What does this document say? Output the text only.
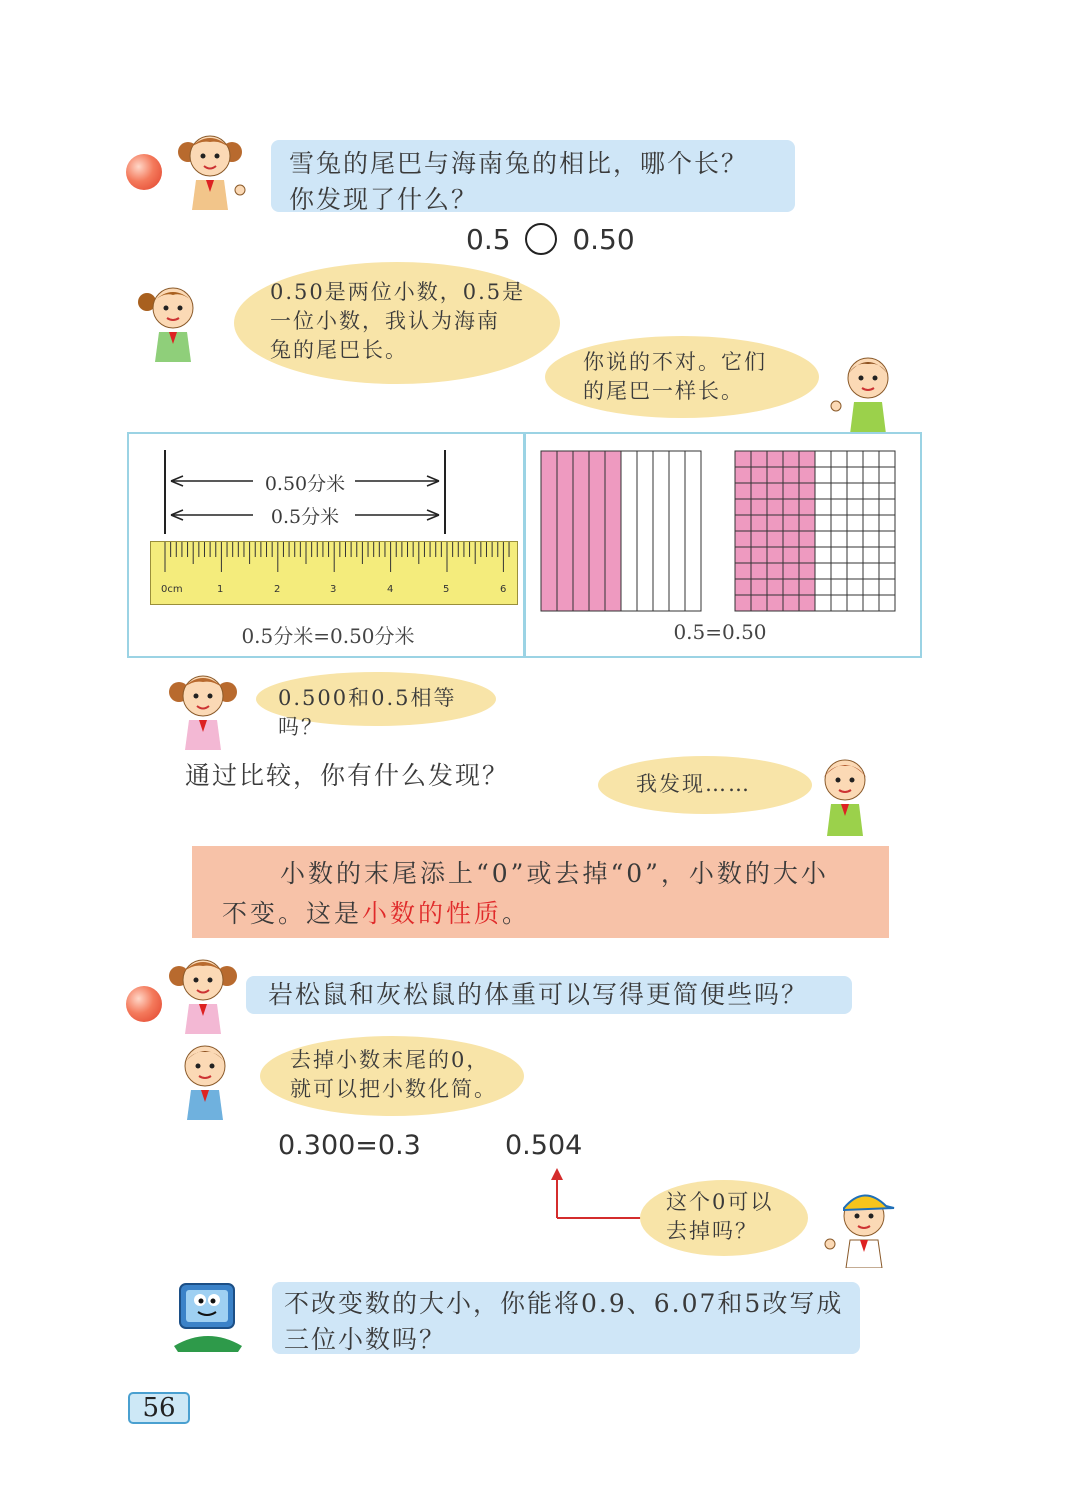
雪兔的尾巴与海南兔的相比，哪个长？
你发现了什么？
0.5 0.50
0.50是两位小数，0.5是
一位小数，我认为海南
兔的尾巴长。	你说的不对。它们
的尾巴一样长。
0.50分米
0.5分米
0cm	1	2	3	4	5	6
0.5分米=0.50分米	0.5=0.50
0.500和0.5相等吗？
通过比较，你有什么发现？	我发现……
小数的末尾添上“0”或去掉“0”，小数的大小
不变。这是小数的性质。
岩松鼠和灰松鼠的体重可以写得更简便些吗？
去掉小数末尾的0，
就可以把小数化简。
0.300=0.3	0.504
这个0可以
去掉吗？
不改变数的大小，你能将0.9、6.07和5改写成
三位小数吗？
56
